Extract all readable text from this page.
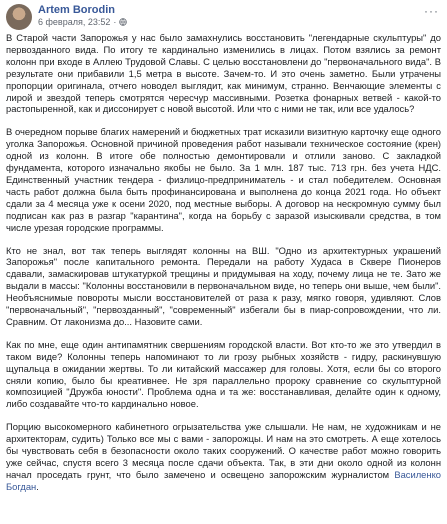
Artem Borodin
6 февраля, 23:52 ·
···

В Старой части Запорожья у нас было замахнулись восстановить "легендарные скульптуры" до первозданного вида. По итогу те кардинально изменились в лицах. Потом взялись за ремонт колонн при входе в Аллею Трудовой Славы. С целью восстановлени до "первоначального вида". В результате они прибавили 1,5 метра в высоте. Зачем-то. И это очень заметно. Были утрачены пропорции оригинала, отчего новодел выглядит, как минимум, странно. Венчающие элементы с лирой и звездой теперь смотрятся чересчур массивными. Розетка фонарных ветвей - какой-то растопыренной, как и диссонирует с новой высотой. Или что с ними не так, или все удалось?

В очередном порыве благих намерений и бюджетных трат исказили визитную карточку еще одного уголка Запорожья. Основной причиной проведения работ называли техническое состояние (крен) одной из колонн. В итоге обе полностью демонтировали и отлили заново. С закладкой фундамента, которого изначально якобы не было. За 1 млн. 187 тыс. 713 грн. без учета НДС. Единственный участник тендера - физлицо-предприниматель - и стал победителем. Основная часть работ должна была быть профинансирована и выполнена до конца 2021 года. Но объект сдали за 4 месяца уже к осени 2020, под местные выборы. А договор на нескромную сумму был подписан как раз в разгар "карантина", когда на борьбу с заразой изыскивали средства, в том числе урезая городские программы.

Кто не знал, вот так теперь выглядят колонны на ВШ. "Одно из архитектурных украшений Запорожья" после капитального ремонта. Передали на работу Худаса в Сквере Пионеров сдавали, замаскировав штукатуркой трещины и придумывая на ходу, почему лица не те. Зато же выдали в массы: "Колонны восстановили в первоначальном виде, но теперь они выше, чем были". Необъяснимые повороты мысли восстановителей от раза к разу, мягко говоря, удивляют. Слов "первоначальный", "первозданный", "современный" избегали бы в пиар-сопровождении, что ли. Сравним. От лаконизма до... Назовите сами.

Как по мне, еще один антипамятник свершениям городской власти. Вот кто-то же это утвердил в таком виде? Колонны теперь напоминают то ли грозу рыбных хозяйств - гидру, раскинувшую щупальца в ожидании жертвы. То ли китайский массажер для головы. Хотя, если бы со второго сняли копию, было бы креативнее. Не зря параллельно пророку сравнение со скульптурной композицией "Дружба юности". Проблема одна и та же: восстанавливая, делайте один к одному, либо создавайте что-то кардинально новое.

Порцию высокомерного кабинетного огрызательства уже слышали. Не нам, не художникам и не архитекторам, судить) Только все мы с вами - запорожцы. И нам на это смотреть. А еще хотелось бы чувствовать себя в безопасности около таких сооружений. О качестве работ можно говорить уже сейчас, спустя всего 3 месяца после сдачи объекта. Так, в эти дни около одной из колонн начал проседать грунт, что было замечено и освещено запорожским журналистом Василенко Богдан.
